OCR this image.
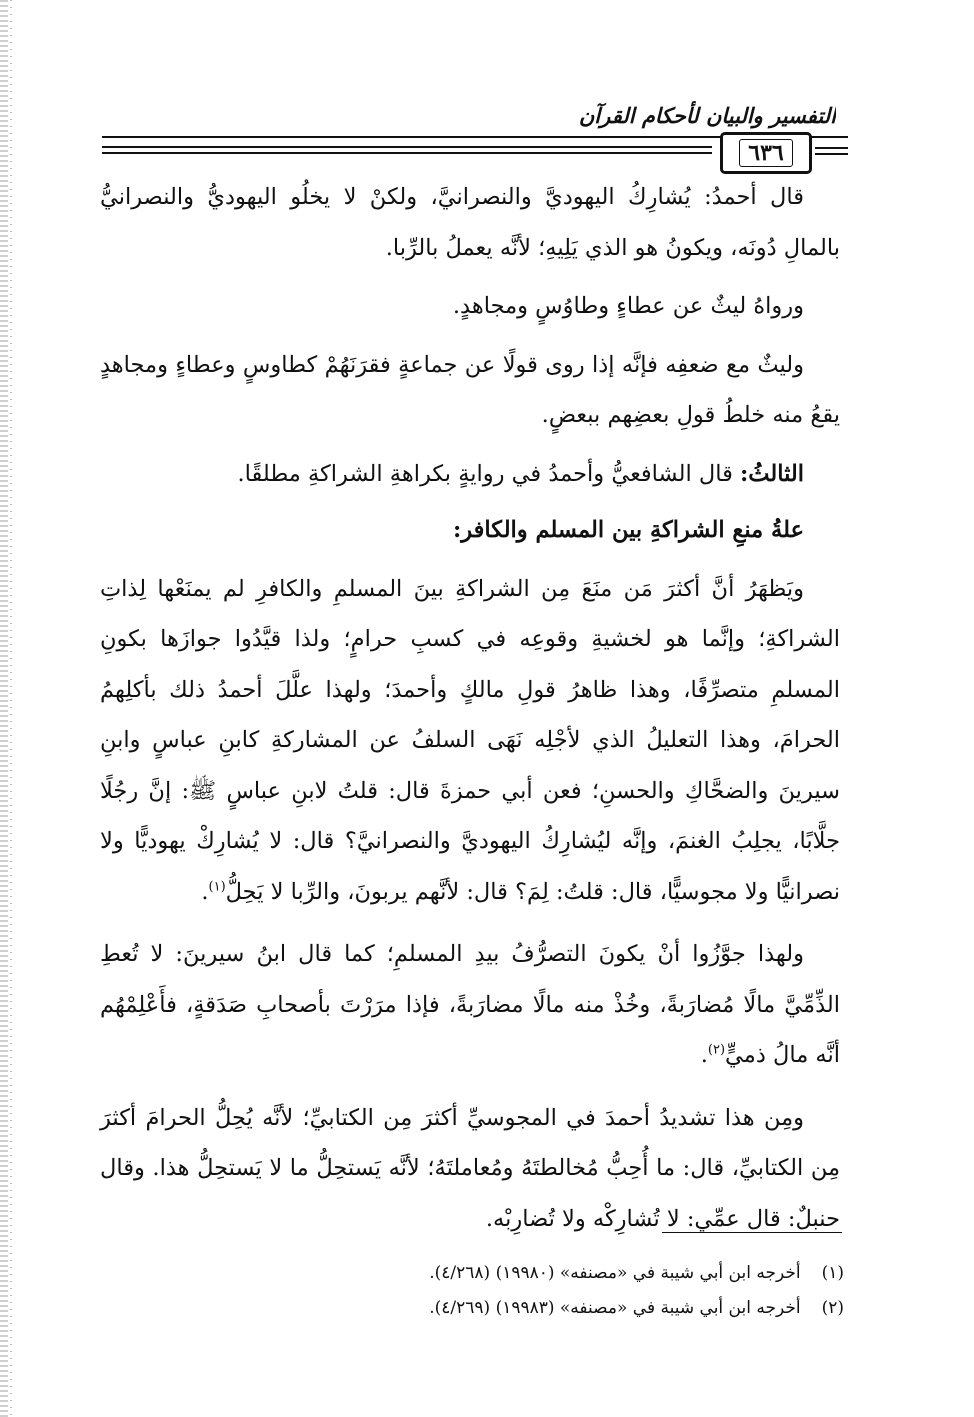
التفسير والبيان لأحكام القرآن
٦٣٦

قال أحمدُ: يُشارِكُ اليهوديَّ والنصرانيَّ، ولكنْ لا يخلُو اليهوديُّ والنصرانيُّ بالمالِ دُونَه، ويكونُ هو الذي يَلِيهِ؛ لأنَّه يعملُ بالرِّبا.

ورواهُ ليثٌ عن عطاءٍ وطاوُسٍ ومجاهدٍ.

وليثٌ مع ضعفِه فإنَّه إذا روى قولًا عن جماعةٍ فقرَنَهُمْ كطاوسٍ وعطاءٍ ومجاهدٍ يقعُ منه خلطُ قولِ بعضِهم ببعضٍ.

الثالثُ: قال الشافعيُّ وأحمدُ في روايةٍ بكراهةِ الشراكةِ مطلقًا.

علةُ منعِ الشراكةِ بين المسلم والكافر:

ويَظهَرُ أنَّ أكثرَ مَن منَعَ مِن الشراكةِ بينَ المسلمِ والكافرِ لم يمنَعْها لِذاتِ الشراكةِ؛ وإنَّما هو لخشيةِ وقوعِه في كسبِ حرامٍ؛ ولذا قيَّدُوا جوازَها بكونِ المسلمِ متصرِّفًا، وهذا ظاهرُ قولِ مالكٍ وأحمدَ؛ ولهذا علَّلَ أحمدُ ذلك بأكلِهمُ الحرامَ، وهذا التعليلُ الذي لأجْلِه نَهَى السلفُ عن المشاركةِ كابنِ عباسٍ وابنِ سيرينَ والضحَّاكِ والحسنِ؛ فعن أبي حمزةَ قال: قلتُ لابنِ عباسٍ ﷺ: إنَّ رجُلًا جلَّابًا، يجلِبُ الغنمَ، وإنَّه ليُشارِكُ اليهوديَّ والنصرانيَّ؟ قال: لا يُشارِكْ يهوديًّا ولا نصرانيًّا ولا مجوسيًّا، قال: قلتُ: لِمَ؟ قال: لأنَّهم يربونَ، والرِّبا لا يَحِلُّ$^{(١)}$.

ولهذا جوَّزُوا أنْ يكونَ التصرُّفُ بيدِ المسلمِ؛ كما قال ابنُ سيرينَ: لا تُعطِ الذِّمِّيَّ مالًا مُضارَبةً، وخُذْ منه مالًا مضارَبةً، فإذا مرَرْتَ بأصحابِ صَدَقةٍ، فأَعْلِمْهُم أنَّه مالُ ذميٍّ$^{(٢)}$.

ومِن هذا تشديدُ أحمدَ في المجوسيِّ أكثرَ مِن الكتابيِّ؛ لأنَّه يُحِلُّ الحرامَ أكثرَ مِن الكتابيِّ، قال: ما أُحِبُّ مُخالطتَهُ ومُعاملتَهُ؛ لأنَّه يَستحِلُّ ما لا يَستحِلُّ هذا. وقال حنبلٌ: قال عمِّي: لا تُشارِكْه ولا تُضارِبْه.

(١) أخرجه ابن أبي شيبة في «مصنفه» (١٩٩٨٠) (٤/٢٦٨).
(٢) أخرجه ابن أبي شيبة في «مصنفه» (١٩٩٨٣) (٤/٢٦٩).
